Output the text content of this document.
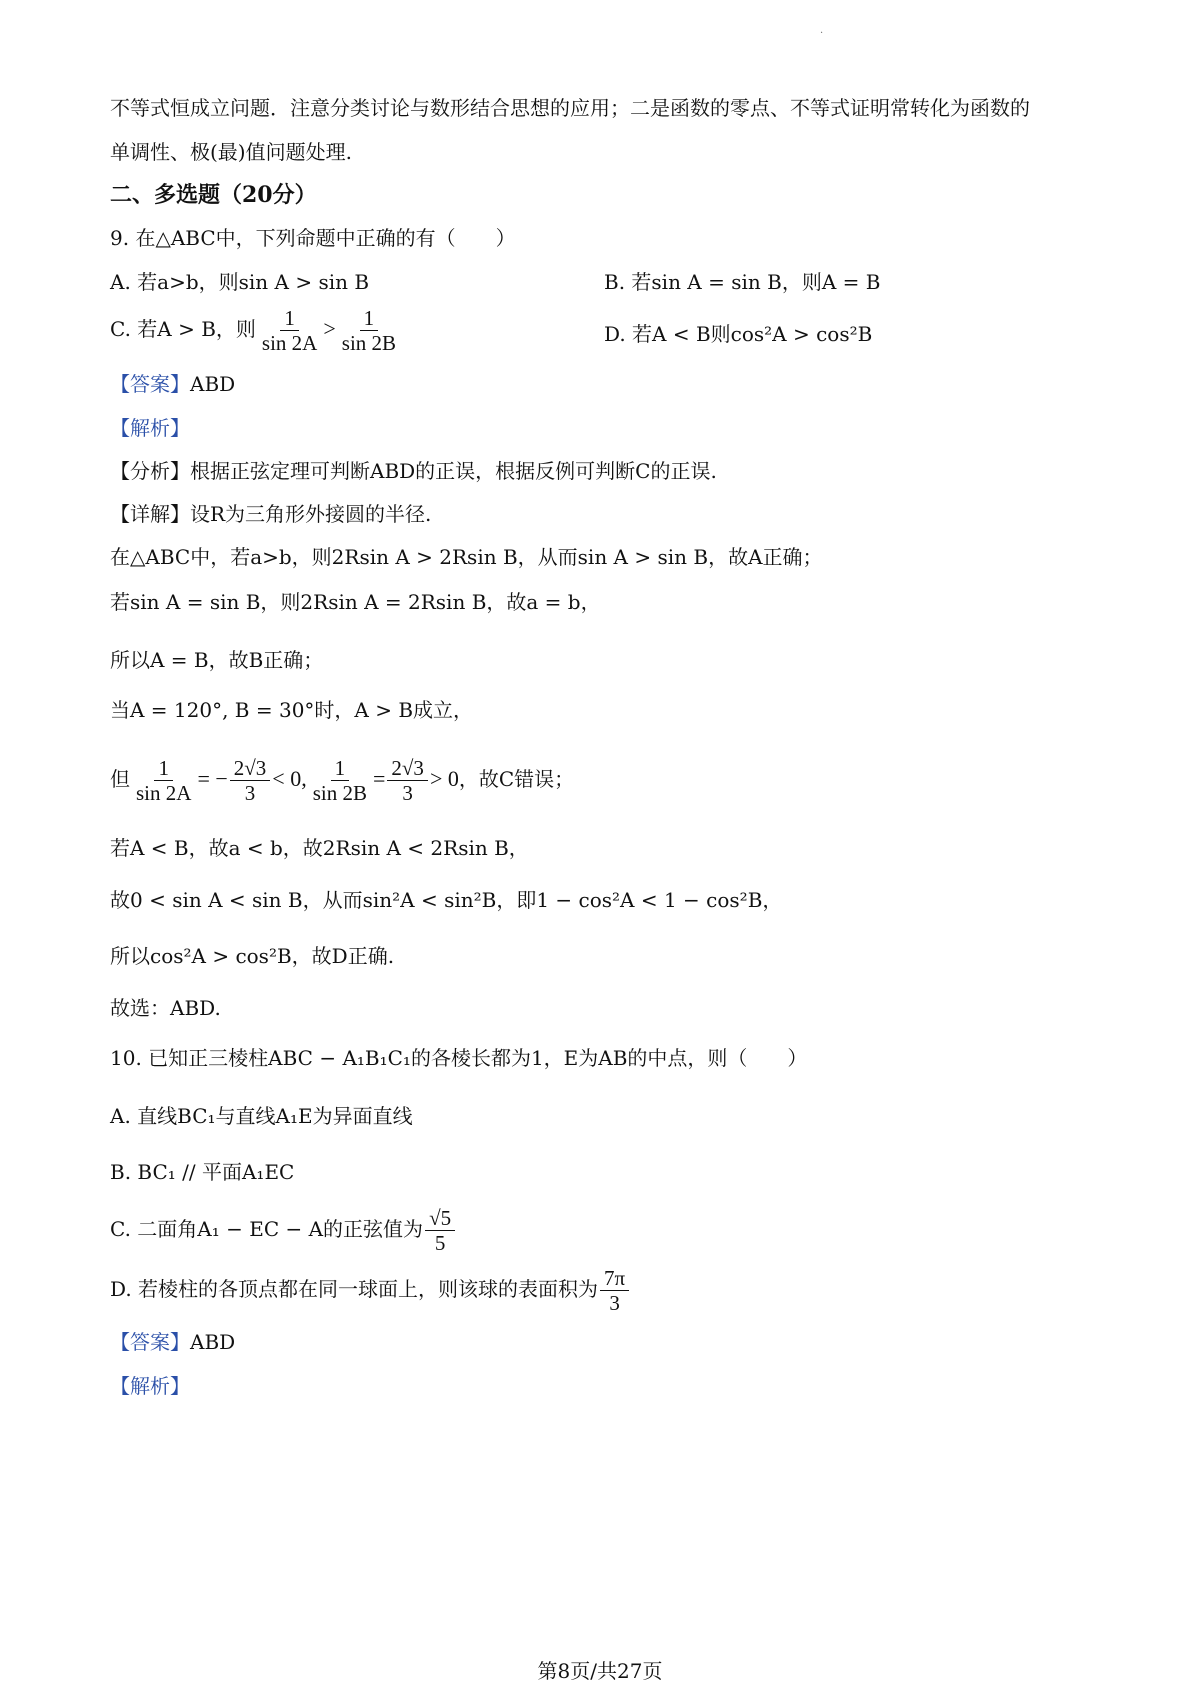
·
不等式恒成立问题．注意分类讨论与数形结合思想的应用；二是函数的零点、不等式证明常转化为函数的
单调性、极(最)值问题处理.
二、多选题（20分）
9. 在△ABC中，下列命题中正确的有（　　）
A. 若a>b，则sin A > sin B	B. 若sin A = sin B，则A = B
C. 若A > B，则 $\frac{1}{\sin 2A} > \frac{1}{\sin 2B}$	D. 若A < B则cos²A > cos²B
【答案】ABD
【解析】
【分析】根据正弦定理可判断ABD的正误，根据反例可判断C的正误.
【详解】设R为三角形外接圆的半径.
在△ABC中，若a>b，则2Rsin A > 2Rsin B，从而sin A > sin B，故A正确；
若sin A = sin B，则2Rsin A = 2Rsin B，故a = b，
所以A = B，故B正确；
当A = 120°, B = 30°时，A > B成立，
但 $\frac{1}{\sin 2A}$ = − $\frac{2√3}{3} < 0$, $\frac{1}{\sin 2B} = \frac{2√3}{3} > 0$，故C错误；
若A < B，故a < b，故2Rsin A < 2Rsin B，
故0 < sin A < sin B，从而sin²A < sin²B，即1 − cos²A < 1 − cos²B，
所以cos²A > cos²B，故D正确.
故选：ABD.
10. 已知正三棱柱ABC − A₁B₁C₁的各棱长都为1，E为AB的中点，则（　　）
A. 直线BC₁与直线A₁E为异面直线
B. BC₁ // 平面A₁EC
C. 二面角A₁ − EC − A的正弦值为 $\frac{√5}{5}$
D. 若棱柱的各顶点都在同一球面上，则该球的表面积为 $\frac{7\pi}{3}$
【答案】ABD
【解析】
第8页/共27页
